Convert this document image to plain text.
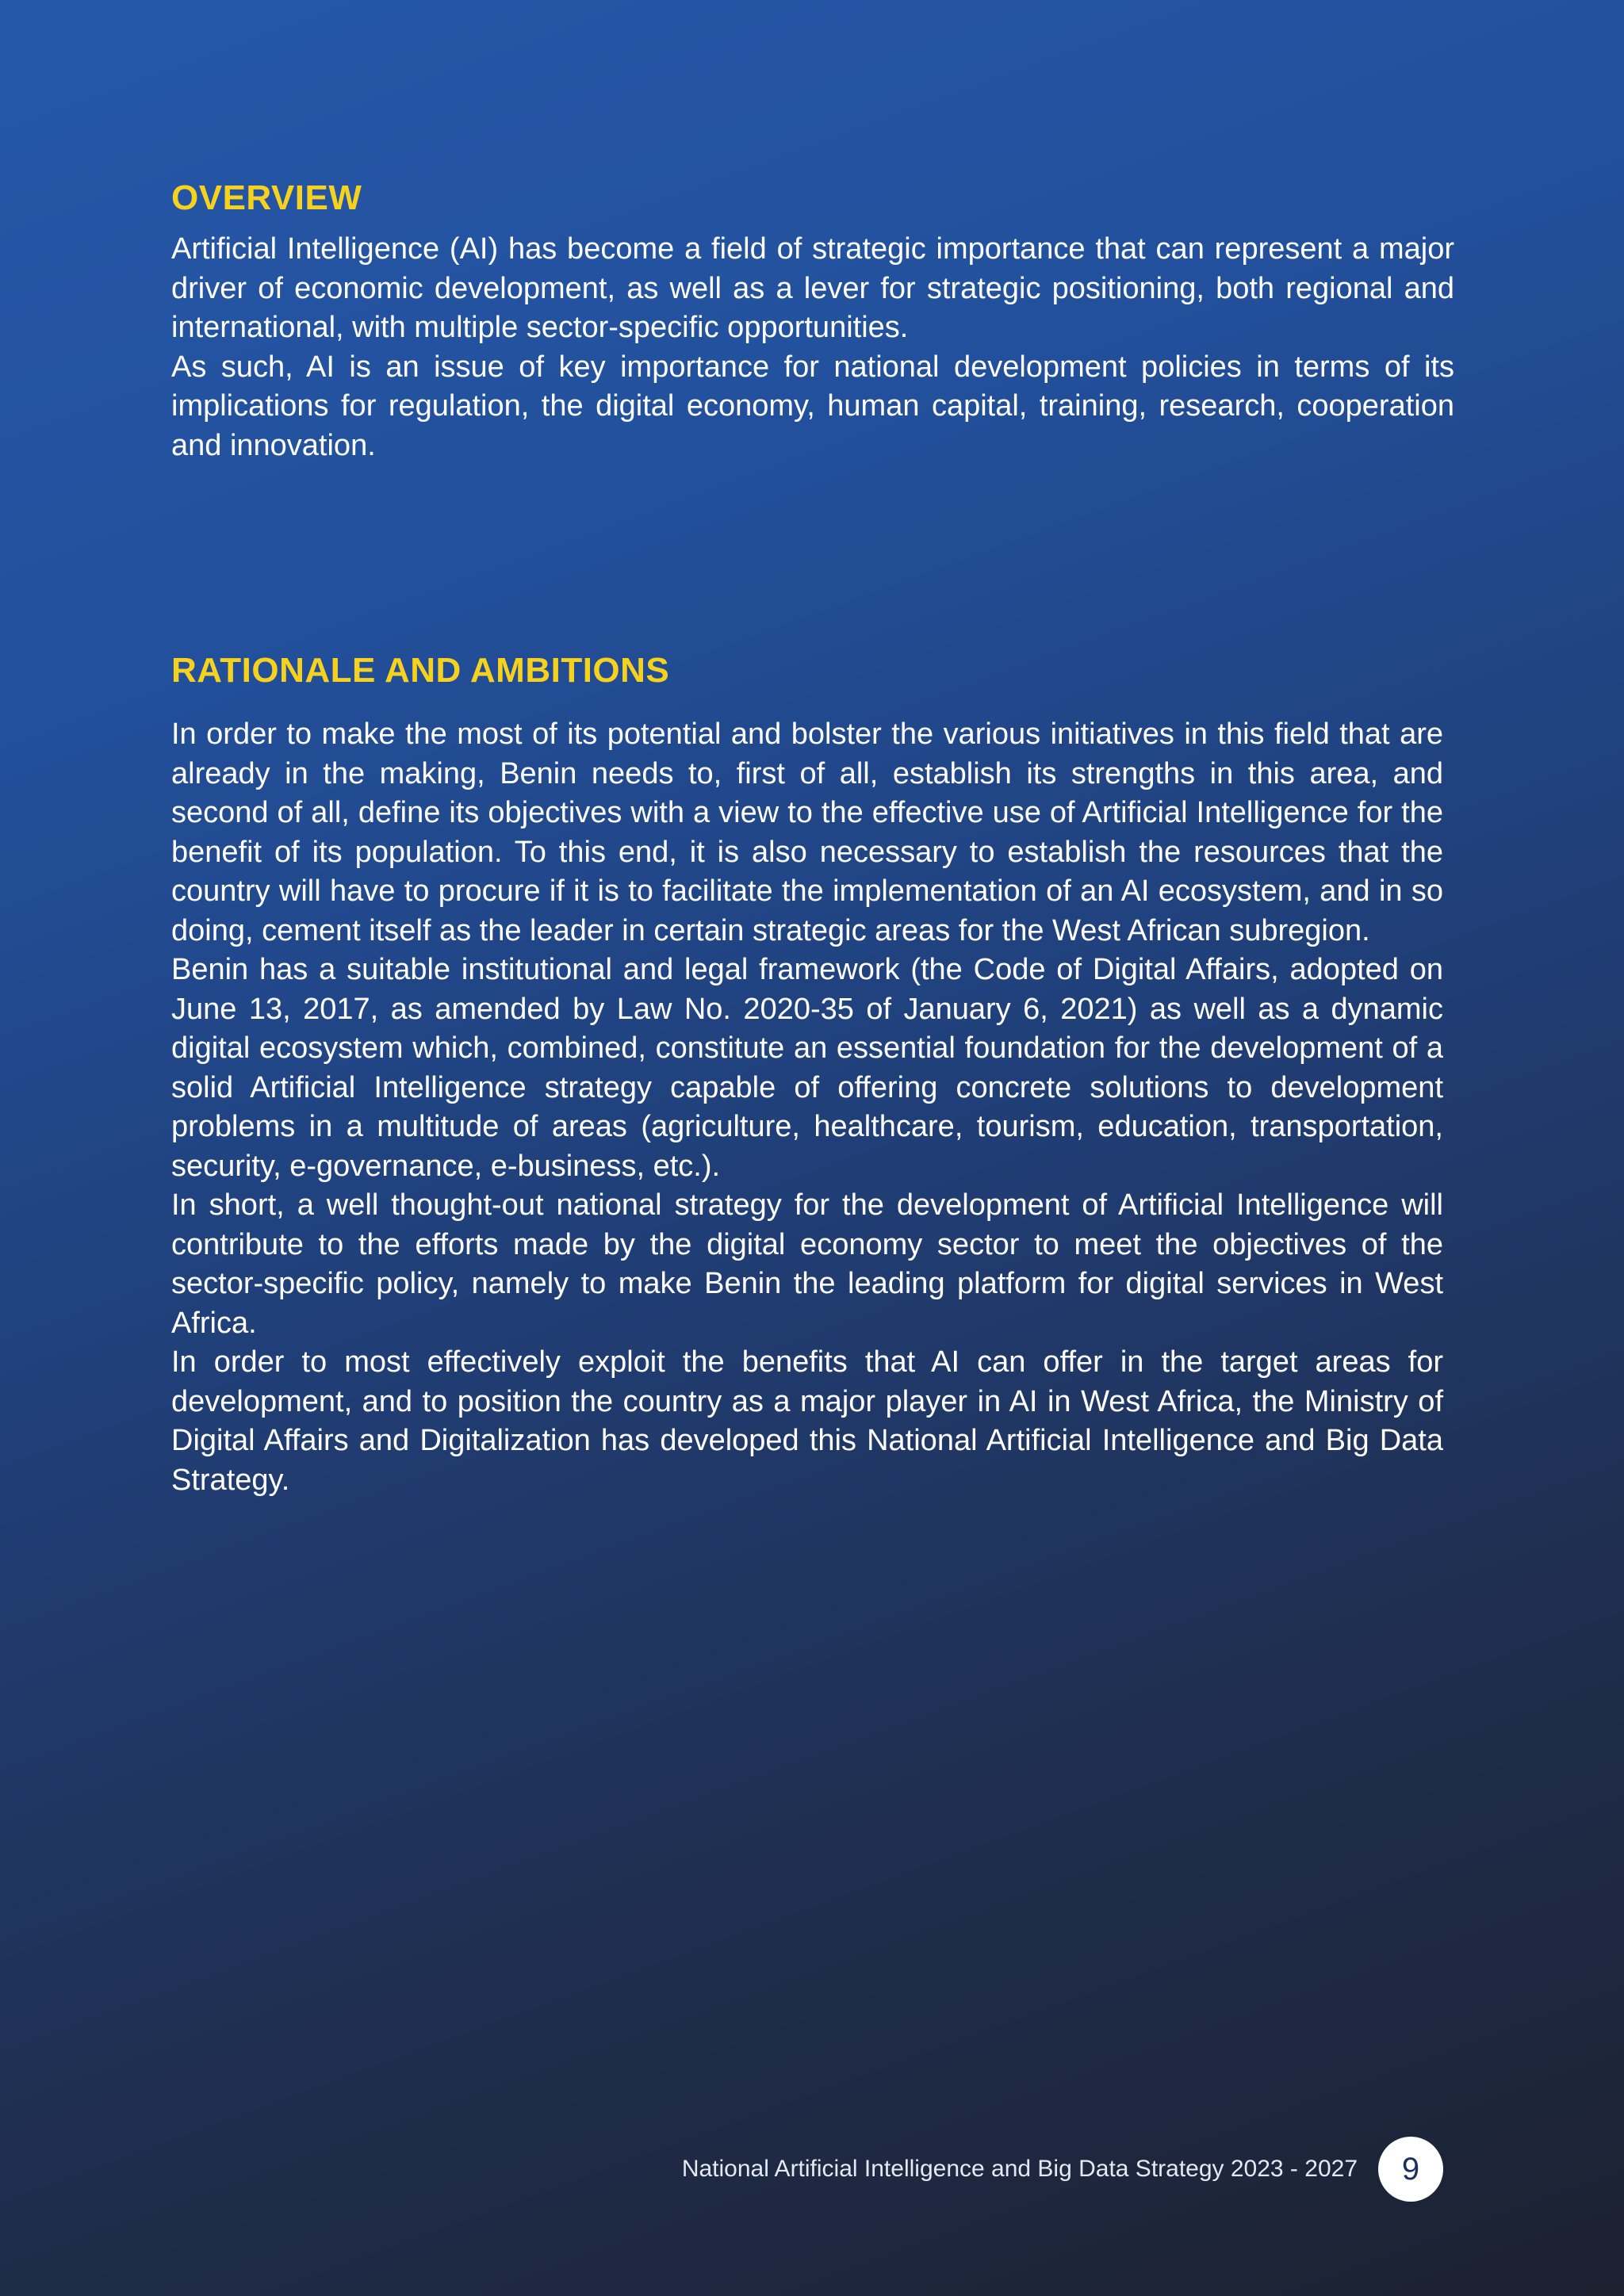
OVERVIEW

Artificial Intelligence (AI) has become a field of strategic importance that can represent a major driver of economic development, as well as a lever for strategic positioning, both regional and international, with multiple sector-specific opportunities.

As such, AI is an issue of key importance for national development policies in terms of its implications for regulation, the digital economy, human capital, training, research, cooperation and innovation.

RATIONALE AND AMBITIONS

In order to make the most of its potential and bolster the various initiatives in this field that are already in the making, Benin needs to, first of all, establish its strengths in this area, and second of all, define its objectives with a view to the effective use of Artificial Intelligence for the benefit of its population. To this end, it is also necessary to establish the resources that the country will have to procure if it is to facilitate the implementation of an AI ecosystem, and in so doing, cement itself as the leader in certain strategic areas for the West African subregion.

Benin has a suitable institutional and legal framework (the Code of Digital Affairs, adopted on June 13, 2017, as amended by Law No. 2020-35 of January 6, 2021) as well as a dynamic digital ecosystem which, combined, constitute an essential foundation for the development of a solid Artificial Intelligence strategy capable of offering concrete solutions to development problems in a multitude of areas (agriculture, healthcare, tourism, education, transportation, security, e-governance, e-business, etc.).

In short, a well thought-out national strategy for the development of Artificial Intelligence will contribute to the efforts made by the digital economy sector to meet the objectives of the sector-specific policy, namely to make Benin the leading platform for digital services in West Africa.

In order to most effectively exploit the benefits that AI can offer in the target areas for development, and to position the country as a major player in AI in West Africa, the Ministry of Digital Affairs and Digitalization has developed this National Artificial Intelligence and Big Data Strategy.

National Artificial Intelligence and Big Data Strategy 2023 - 2027	9
